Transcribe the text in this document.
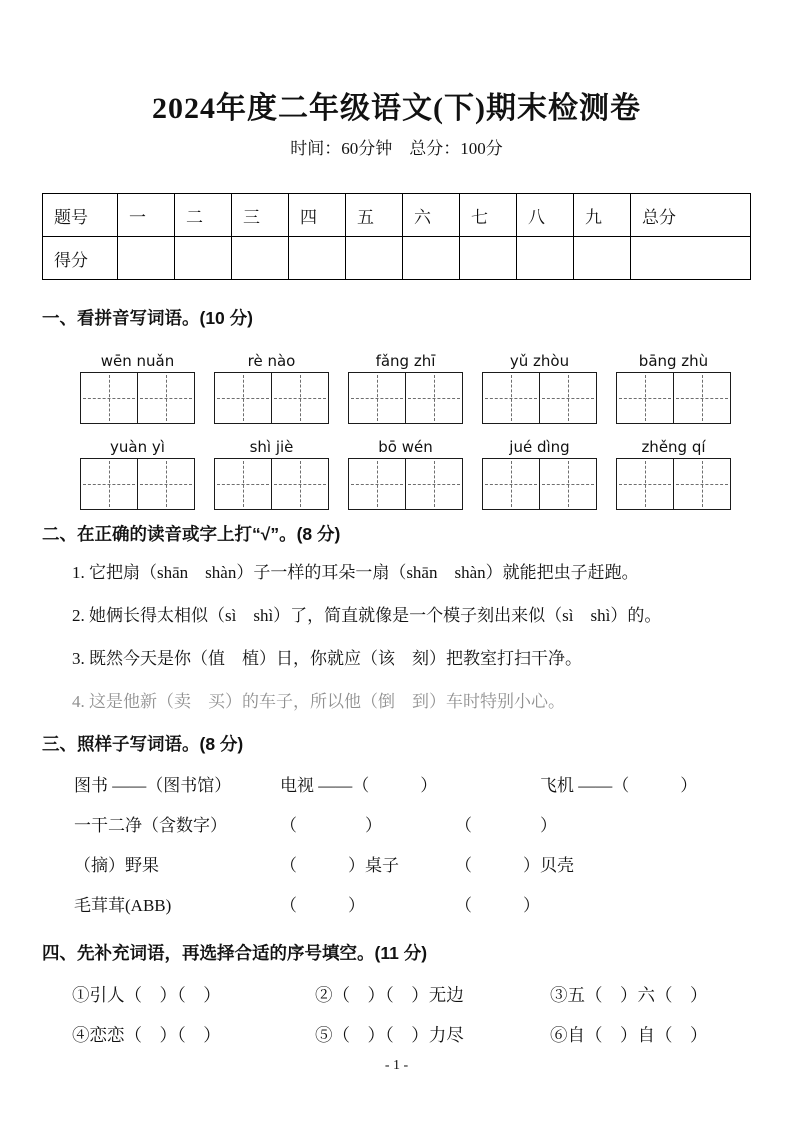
2024年度二年级语文(下)期末检测卷
时间：60分钟　总分：100分
题号	一	二	三	四	五	六	七	八	九	总分
得分										
一、看拼音写词语。(10 分)
wēn nuǎn	rè nào	fǎng zhī	yǔ zhòu	bāng zhù
yuàn yì	shì jiè	bō wén	jué dìng	zhěng qí
二、在正确的读音或字上打“√”。(8 分)
1. 它把扇（shān　shàn）子一样的耳朵一扇（shān　shàn）就能把虫子赶跑。
2. 她俩长得太相似（sì　shì）了，简直就像是一个模子刻出来似（sì　shì）的。
3. 既然今天是你（值　植）日，你就应（该　刻）把教室打扫干净。
4. 这是他新（卖　买）的车子，所以他（倒　到）车时特别小心。
三、照样子写词语。(8 分)
图书 ——（图书馆）	电视 ——（　　　）	飞机 ——（　　　）
一干二净（含数字）	（　　　　）	（　　　　）
（摘）野果	（　　　）桌子	（　　　）贝壳
毛茸茸(ABB)	（　　　）	（　　　）
四、先补充词语，再选择合适的序号填空。(11 分)
①引人（　）（　）	②（　）（　）无边	③五（　）六（　）
④恋恋（　）（　）	⑤（　）（　）力尽	⑥自（　）自（　）
- 1 -
